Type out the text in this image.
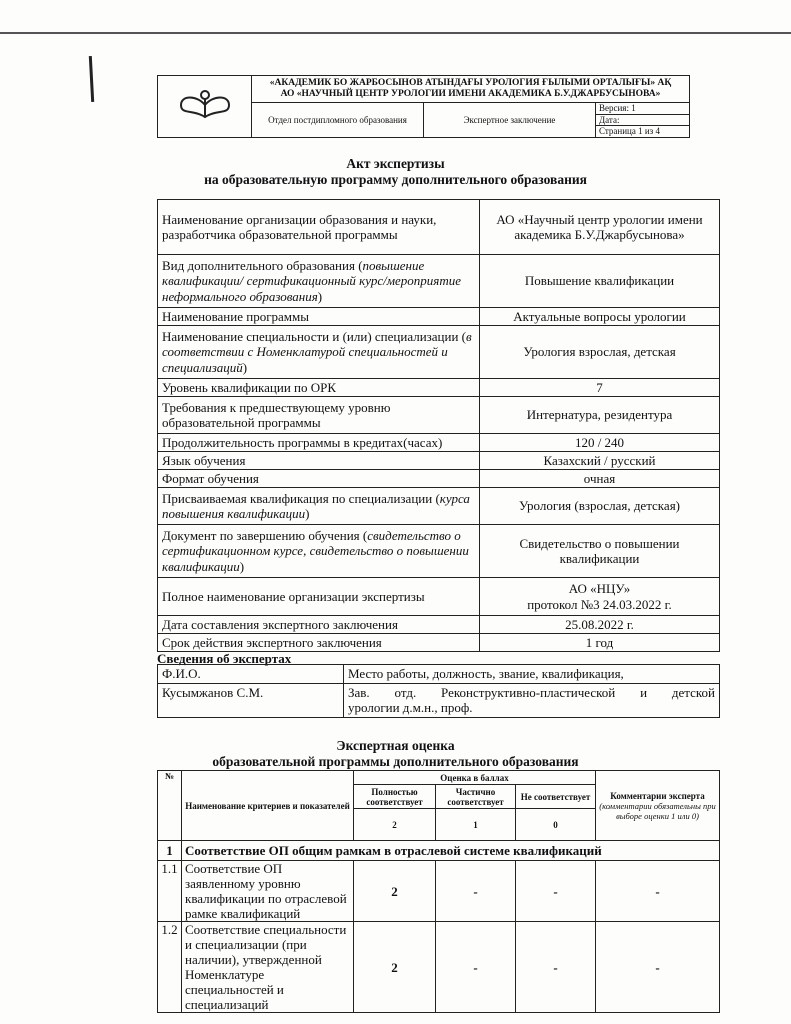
«АКАДЕМИК БО ЖАРБОСЫНОВ АТЫНДАҒЫ УРОЛОГИЯ ҒЫЛЫМИ ОРТАЛЫҒЫ» АҚ
АО «НАУЧНЫЙ ЦЕНТР УРОЛОГИИ ИМЕНИ АКАДЕМИКА Б.У.ДЖАРБУСЫНОВА»		

	Отдел постдипломного образования	Экспертное заключение	Версия: 1
			Дата:
			Страница 1 из 4
Акт экспертизы
на образовательную программу дополнительного образования
Наименование организации образования и науки, разработчика образовательной программы	АО «Научный центр урологии имени академика Б.У.Джарбусынова»
Вид дополнительного образования (повышение квалификации/ сертификационный курс/мероприятие неформального образования)	Повышение квалификации
Наименование программы	Актуальные вопросы урологии
Наименование специальности и (или) специализации (в соответствии с Номенклатурой специальностей и специализаций)	Урология взрослая, детская
Уровень квалификации по ОРК	7
Требования к предшествующему уровню образовательной программы	Интернатура, резидентура
Продолжительность программы в кредитах(часах)	120 / 240
Язык обучения	Казахский / русский
Формат обучения	очная
Присваиваемая квалификация по специализации (курса повышения квалификации)	Урология (взрослая, детская)
Документ по завершению обучения (свидетельство о сертификационном курсе, свидетельство о повышении квалификации)	Свидетельство о повышении квалификации
Полное наименование организации экспертизы	АО «НЦУ»
протокол №3 24.03.2022 г.

Дата составления экспертного заключения	25.08.2022 г.
Срок действия экспертного заключения	1 год
Сведения об экспертах
Ф.И.О.	Место работы, должность, звание, квалификация,
Кусымжанов С.М.	Зав. отд. Реконструктивно-пластической и детской
урологии д.м.н., проф.
Экспертная оценка
образовательной программы дополнительного образования
№	Наименование критериев и показателей	Оценка в баллах			Комментарии эксперта
(комментарии обязательны при выборе оценки 1 или 0)

		Полностью соответствует	Частично соответствует	Не соответствует	
		2	1	0	
1	Соответствие ОП общим рамкам в отраслевой системе квалификаций				
1.1	Соответствие ОП заявленному уровню квалификации по отраслевой рамке квалификаций	2	-	-	-
1.2	Соответствие специальности и специализации (при наличии), утвержденной Номенклатуре специальностей и специализаций	2	-	-	-
